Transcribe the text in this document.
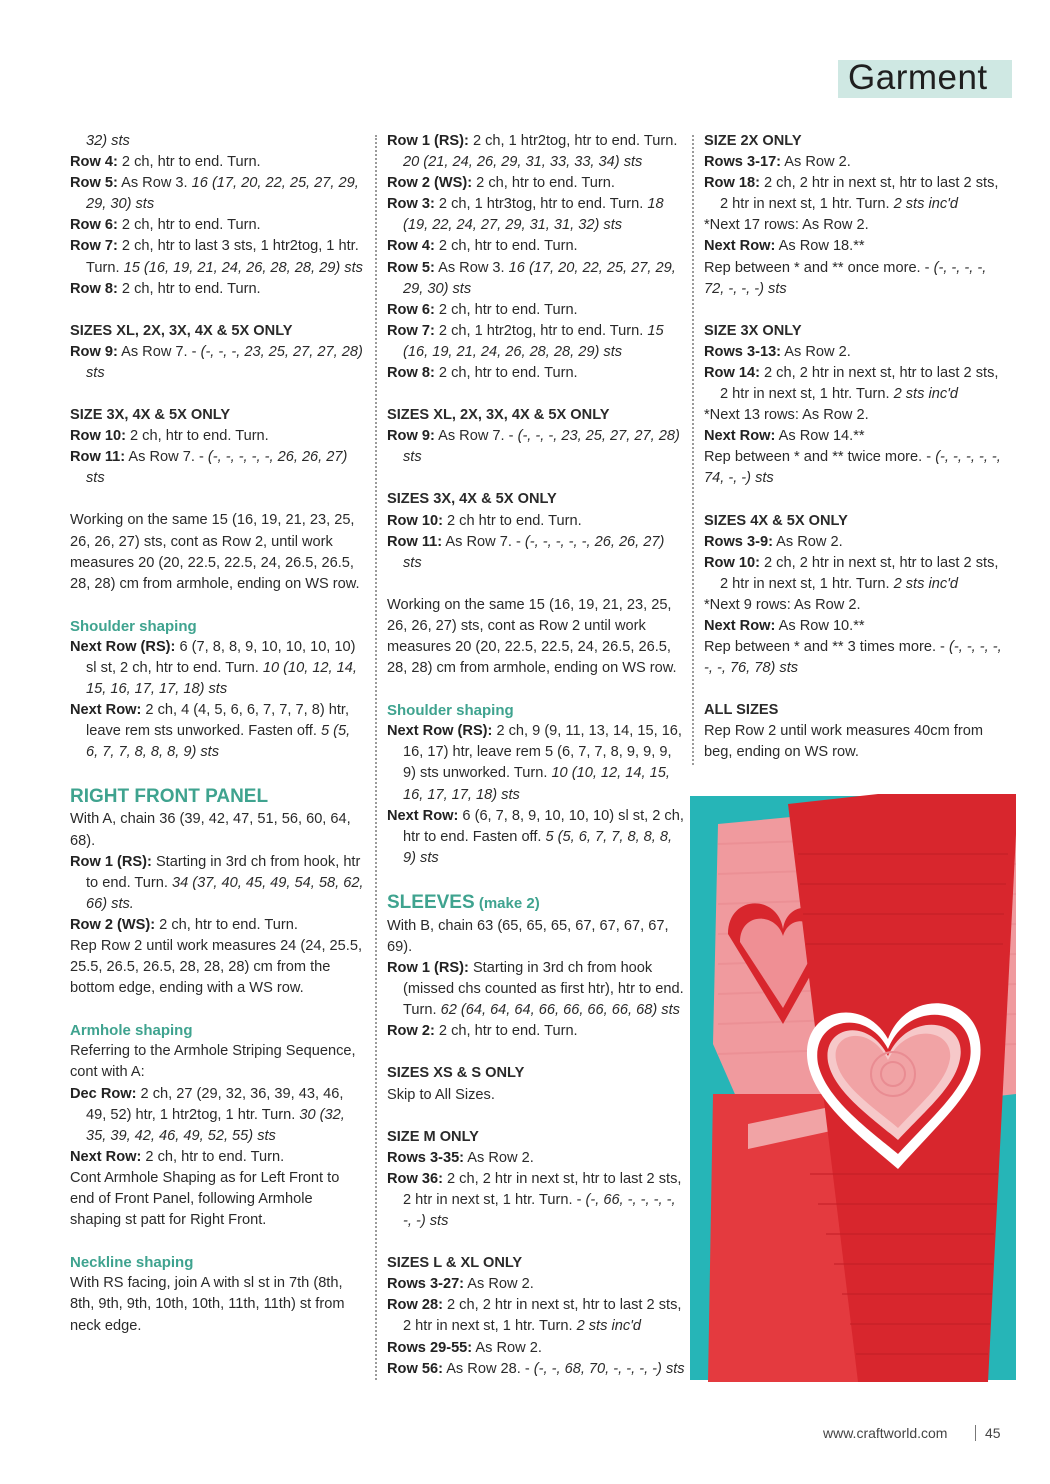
Garment

32) sts

Row 4: 2 ch, htr to end. Turn.

Row 5: As Row 3. 16 (17, 20, 22, 25, 27, 29, 29, 30) sts

Row 6: 2 ch, htr to end. Turn.

Row 7: 2 ch, htr to last 3 sts, 1 htr2tog, 1 htr. Turn. 15 (16, 19, 21, 24, 26, 28, 28, 29) sts

Row 8: 2 ch, htr to end. Turn.

SIZES XL, 2X, 3X, 4X & 5X ONLY

Row 9: As Row 7. - (-, -, -, 23, 25, 27, 27, 28) sts

SIZE 3X, 4X & 5X ONLY

Row 10: 2 ch, htr to end. Turn.

Row 11: As Row 7. - (-, -, -, -, -, 26, 26, 27) sts

Working on the same 15 (16, 19, 21, 23, 25, 26, 26, 27) sts, cont as Row 2, until work measures 20 (20, 22.5, 22.5, 24, 26.5, 26.5, 28, 28) cm from armhole, ending on WS row.

Shoulder shaping

Next Row (RS): 6 (7, 8, 8, 9, 10, 10, 10, 10) sl st, 2 ch, htr to end. Turn. 10 (10, 12, 14, 15, 16, 17, 17, 18) sts

Next Row: 2 ch, 4 (4, 5, 6, 6, 7, 7, 7, 8) htr, leave rem sts unworked. Fasten off. 5 (5, 6, 7, 7, 8, 8, 8, 9) sts

RIGHT FRONT PANEL

With A, chain 36 (39, 42, 47, 51, 56, 60, 64, 68).

Row 1 (RS): Starting in 3rd ch from hook, htr to end. Turn. 34 (37, 40, 45, 49, 54, 58, 62, 66) sts.

Row 2 (WS): 2 ch, htr to end. Turn.

Rep Row 2 until work measures 24 (24, 25.5, 25.5, 26.5, 26.5, 28, 28, 28) cm from the bottom edge, ending with a WS row.

Armhole shaping

Referring to the Armhole Striping Sequence, cont with A:

Dec Row: 2 ch, 27 (29, 32, 36, 39, 43, 46, 49, 52) htr, 1 htr2tog, 1 htr. Turn. 30 (32, 35, 39, 42, 46, 49, 52, 55) sts

Next Row: 2 ch, htr to end. Turn.

Cont Armhole Shaping as for Left Front to end of Front Panel, following Armhole shaping st patt for Right Front.

Neckline shaping

With RS facing, join A with sl st in 7th (8th, 8th, 9th, 9th, 10th, 10th, 11th, 11th) st from neck edge.

Row 1 (RS): 2 ch, 1 htr2tog, htr to end. Turn. 20 (21, 24, 26, 29, 31, 33, 33, 34) sts

Row 2 (WS): 2 ch, htr to end. Turn.

Row 3: 2 ch, 1 htr3tog, htr to end. Turn. 18 (19, 22, 24, 27, 29, 31, 31, 32) sts

Row 4: 2 ch, htr to end. Turn.

Row 5: As Row 3. 16 (17, 20, 22, 25, 27, 29, 29, 30) sts

Row 6: 2 ch, htr to end. Turn.

Row 7: 2 ch, 1 htr2tog, htr to end. Turn. 15 (16, 19, 21, 24, 26, 28, 28, 29) sts

Row 8: 2 ch, htr to end. Turn.

SIZES XL, 2X, 3X, 4X & 5X ONLY

Row 9: As Row 7. - (-, -, -, 23, 25, 27, 27, 28) sts

SIZES 3X, 4X & 5X ONLY

Row 10: 2 ch htr to end. Turn.

Row 11: As Row 7. - (-, -, -, -, -, 26, 26, 27) sts

Working on the same 15 (16, 19, 21, 23, 25, 26, 26, 27) sts, cont as Row 2 until work measures 20 (20, 22.5, 22.5, 24, 26.5, 26.5, 28, 28) cm from armhole, ending on WS row.

Shoulder shaping

Next Row (RS): 2 ch, 9 (9, 11, 13, 14, 15, 16, 16, 17) htr, leave rem 5 (6, 7, 7, 8, 9, 9, 9, 9) sts unworked. Turn. 10 (10, 12, 14, 15, 16, 17, 17, 18) sts

Next Row: 6 (6, 7, 8, 9, 10, 10, 10) sl st, 2 ch, htr to end. Fasten off. 5 (5, 6, 7, 7, 8, 8, 8, 9) sts

SLEEVES (make 2)

With B, chain 63 (65, 65, 65, 67, 67, 67, 67, 69).

Row 1 (RS): Starting in 3rd ch from hook (missed chs counted as first htr), htr to end. Turn. 62 (64, 64, 64, 66, 66, 66, 66, 68) sts

Row 2: 2 ch, htr to end. Turn.

SIZES XS & S ONLY

Skip to All Sizes.

SIZE M ONLY

Rows 3-35: As Row 2.

Row 36: 2 ch, 2 htr in next st, htr to last 2 sts, 2 htr in next st, 1 htr. Turn. - (-, 66, -, -, -, -, -, -) sts

SIZES L & XL ONLY

Rows 3-27: As Row 2.

Row 28: 2 ch, 2 htr in next st, htr to last 2 sts, 2 htr in next st, 1 htr. Turn. 2 sts inc'd

Rows 29-55: As Row 2.

Row 56: As Row 28. - (-, -, 68, 70, -, -, -, -) sts

SIZE 2X ONLY

Rows 3-17: As Row 2.

Row 18: 2 ch, 2 htr in next st, htr to last 2 sts, 2 htr in next st, 1 htr. Turn. 2 sts inc'd

*Next 17 rows: As Row 2.

Next Row: As Row 18.**

Rep between * and ** once more. - (-, -, -, -, 72, -, -, -) sts

SIZE 3X ONLY

Rows 3-13: As Row 2.

Row 14: 2 ch, 2 htr in next st, htr to last 2 sts, 2 htr in next st, 1 htr. Turn. 2 sts inc'd

*Next 13 rows: As Row 2.

Next Row: As Row 14.**

Rep between * and ** twice more. - (-, -, -, -, -, 74, -, -) sts

SIZES 4X & 5X ONLY

Rows 3-9: As Row 2.

Row 10: 2 ch, 2 htr in next st, htr to last 2 sts, 2 htr in next st, 1 htr. Turn. 2 sts inc'd

*Next 9 rows: As Row 2.

Next Row: As Row 10.**

Rep between * and ** 3 times more. - (-, -, -, -, -, -, 76, 78) sts

ALL SIZES

Rep Row 2 until work measures 40cm from beg, ending on WS row.

www.craftworld.com	45
